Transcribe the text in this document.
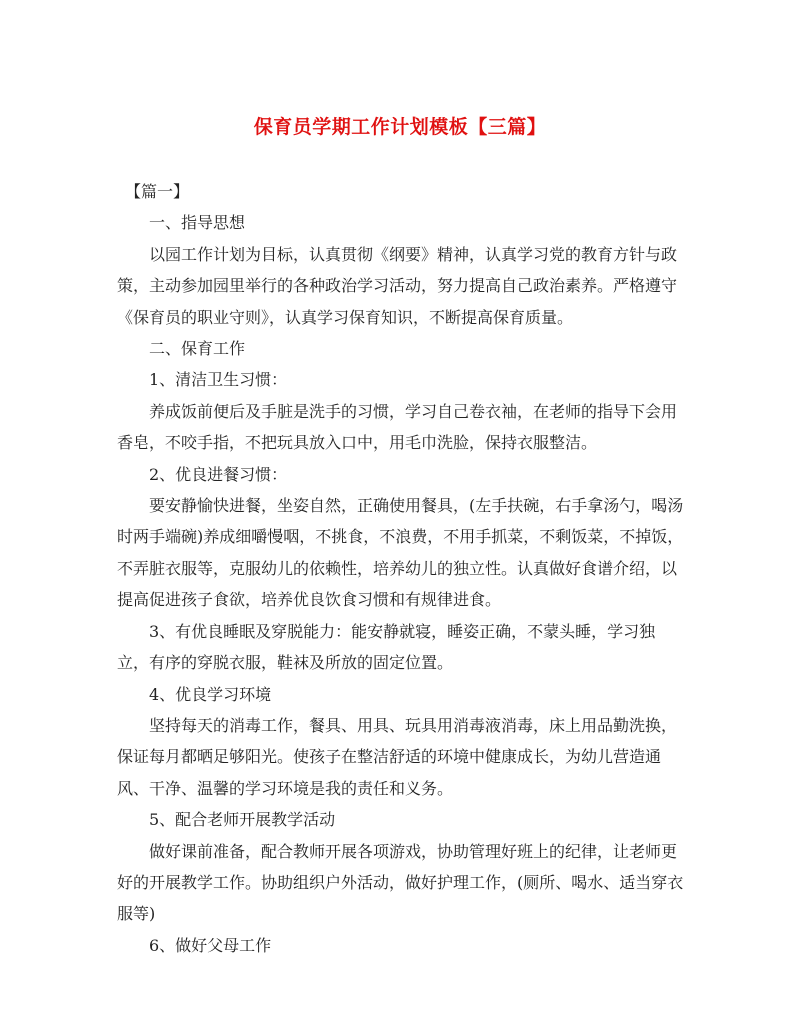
保育员学期工作计划模板【三篇】

【篇一】

一、指导思想

以园工作计划为目标，认真贯彻《纲要》精神，认真学习党的教育方针与政策，主动参加园里举行的各种政治学习活动，努力提高自己政治素养。严格遵守《保育员的职业守则》，认真学习保育知识，不断提高保育质量。

二、保育工作

1、清洁卫生习惯：

养成饭前便后及手脏是洗手的习惯，学习自己卷衣袖，在老师的指导下会用香皂，不咬手指，不把玩具放入口中，用毛巾洗脸，保持衣服整洁。

2、优良进餐习惯：

要安静愉快进餐，坐姿自然，正确使用餐具，(左手扶碗，右手拿汤勺，喝汤时两手端碗)养成细嚼慢咽，不挑食，不浪费，不用手抓菜，不剩饭菜，不掉饭，不弄脏衣服等，克服幼儿的依赖性，培养幼儿的独立性。认真做好食谱介绍，以提高促进孩子食欲，培养优良饮食习惯和有规律进食。

3、有优良睡眠及穿脱能力：能安静就寝，睡姿正确，不蒙头睡，学习独立，有序的穿脱衣服，鞋袜及所放的固定位置。

4、优良学习环境

坚持每天的消毒工作，餐具、用具、玩具用消毒液消毒，床上用品勤洗换，保证每月都晒足够阳光。使孩子在整洁舒适的环境中健康成长，为幼儿营造通风、干净、温馨的学习环境是我的责任和义务。

5、配合老师开展教学活动

做好课前准备，配合教师开展各项游戏，协助管理好班上的纪律，让老师更好的开展教学工作。协助组织户外活动，做好护理工作，(厕所、喝水、适当穿衣服等)

6、做好父母工作
